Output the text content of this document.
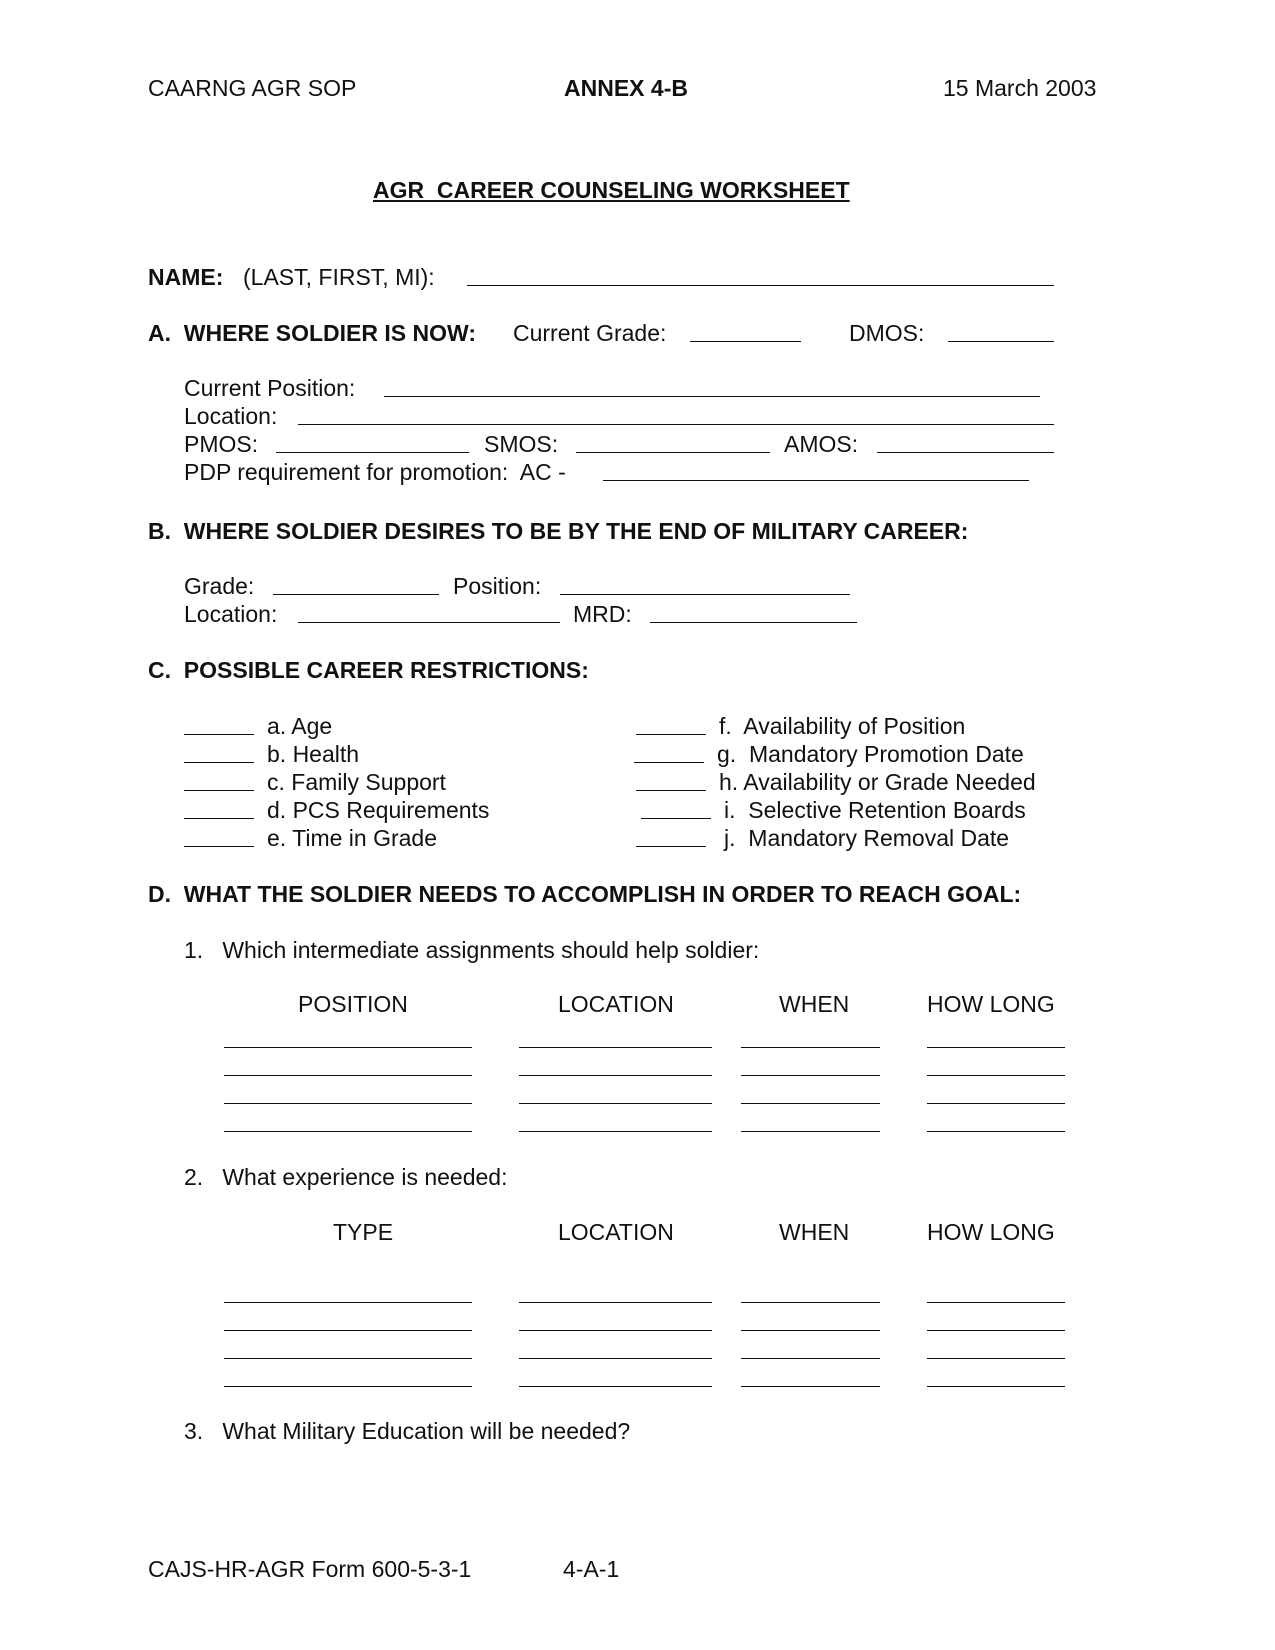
CAARNG AGR SOP	ANNEX 4-B	15 March 2003
AGR  CAREER COUNSELING WORKSHEET
NAME: (LAST, FIRST, MI):
A.  WHERE SOLDIER IS NOW: Current Grade:	DMOS:
Current Position:
Location:
PMOS:	SMOS:	AMOS:
PDP requirement for promotion:  AC -
B.  WHERE SOLDIER DESIRES TO BE BY THE END OF MILITARY CAREER:
Grade:	Position:
Location:	MRD:
C.  POSSIBLE CAREER RESTRICTIONS:
a. Age
b. Health
c. Family Support
d. PCS Requirements
e. Time in Grade
f.  Availability of Position
g.  Mandatory Promotion Date
h. Availability or Grade Needed
i.  Selective Retention Boards
j.  Mandatory Removal Date
D.  WHAT THE SOLDIER NEEDS TO ACCOMPLISH IN ORDER TO REACH GOAL:
1.   Which intermediate assignments should help soldier:
POSITION	LOCATION	WHEN	HOW LONG
2.   What experience is needed:
TYPE	LOCATION	WHEN	HOW LONG
3.   What Military Education will be needed?
CAJS-HR-AGR Form 600-5-3-1	4-A-1
